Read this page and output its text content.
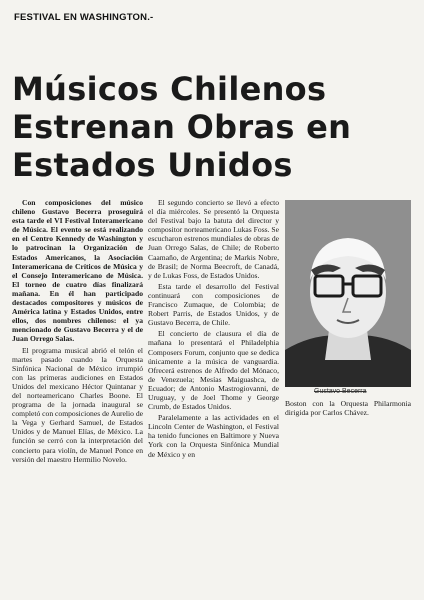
FESTIVAL EN WASHINGTON.-
Músicos Chilenos
Estrenan Obras en
Estados Unidos

Con composiciones del músico chileno Gustavo Becerra proseguirá esta tarde el VI Festival Interamericano de Música. El evento se está realizando en el Centro Kennedy de Washington y lo patrocinan la Organización de Estados Americanos, la Asociación Interamericana de Críticos de Música y el Consejo Interamericano de Música. El torneo de cuatro días finalizará mañana. En él han participado destacados compositores y músicos de América latina y Estados Unidos, entre ellos, dos nombres chilenos: el ya mencionado de Gustavo Becerra y el de Juan Orrego Salas.

El programa musical abrió el telón el martes pasado cuando la Orquesta Sinfónica Nacional de México irrumpió con las primeras audiciones en Estados Unidos del mexicano Héctor Quintanar y del norteamericano Charles Boone. El programa de la jornada inaugural se completó con composiciones de Aurelio de la Vega y Gerhard Samuel, de Estados Unidos y de Manuel Elías, de México. La función se cerró con la interpretación del concierto para violín, de Manuel Ponce en versión del maestro Hermilio Novelo.

El segundo concierto se llevó a efecto el día miércoles. Se presentó la Orquesta del Festival bajo la batuta del director y compositor norteamericano Lukas Foss. Se escucharon estrenos mundiales de obras de Juan Orrego Salas, de Chile; de Roberto Caamaño, de Argentina; de Markis Nobre, de Brasil; de Norma Beecroft, de Canadá, y de Lukas Foss, de Estados Unidos.

Esta tarde el desarrollo del Festival continuará con composiciones de Francisco Zumaque, de Colombia; de Robert Parris, de Estados Unidos, y de Gustavo Becerra, de Chile.

El concierto de clausura el día de mañana lo presentará el Philadelphia Composers Forum, conjunto que se dedica únicamente a la música de vanguardia. Ofrecerá estrenos de Alfredo del Mónaco, de Venezuela; Mesías Maiguashca, de Ecuador; de Antonio Mastrogiovanni, de Uruguay, y de Joel Thome y George Crumb, de Estados Unidos.

Paralelamente a las actividades en el Lincoln Center de Washington, el Festival ha tenido funciones en Baltimore y Nueva York con la Orquesta Sinfónica Mundial de México y en

Gustavo Becerra
Boston con la Orquesta Philarmonia dirigida por Carlos Chávez.
